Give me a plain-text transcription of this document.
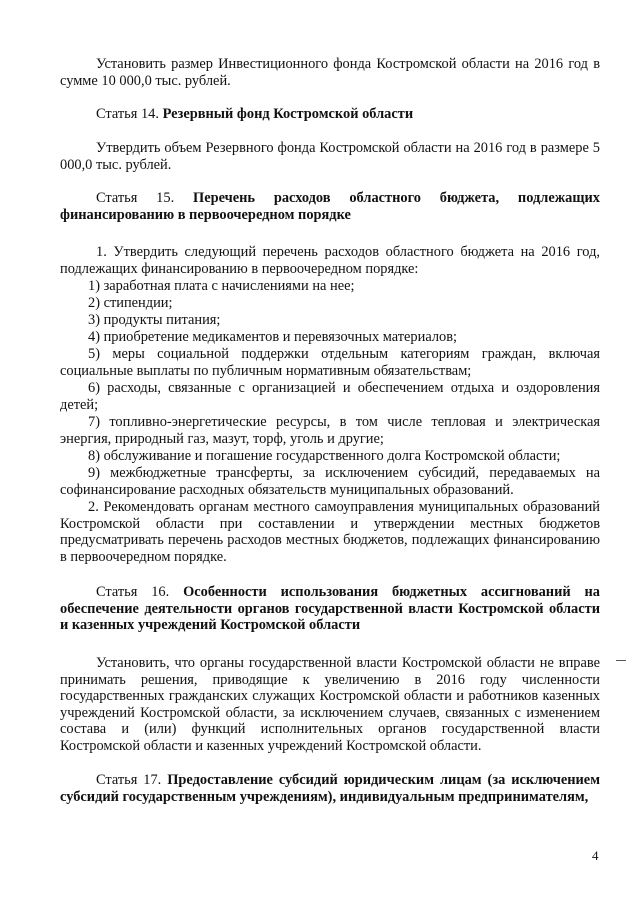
Установить размер Инвестиционного фонда Костромской области на 2016 год в сумме 10 000,0 тыс. рублей.

Статья 14. Резервный фонд Костромской области

Утвердить объем Резервного фонда Костромской области на 2016 год в размере 5 000,0 тыс. рублей.

Статья 15. Перечень расходов областного бюджета, подлежащих
финансированию в первоочередном порядке

1. Утвердить следующий перечень расходов областного бюджета на 2016 год, подлежащих финансированию в первоочередном порядке:

1) заработная плата с начислениями на нее;

2) стипендии;

3) продукты питания;

4) приобретение медикаментов и перевязочных материалов;

5) меры социальной поддержки отдельным категориям граждан, включая социальные выплаты по публичным нормативным обязательствам;

6) расходы, связанные с организацией и обеспечением отдыха и оздоровления детей;

7) топливно-энергетические ресурсы, в том числе тепловая и электрическая энергия, природный газ, мазут, торф, уголь и другие;

8) обслуживание и погашение государственного долга Костромской области;

9) межбюджетные трансферты, за исключением субсидий, передаваемых на софинансирование расходных обязательств муниципальных образований.

2. Рекомендовать органам местного самоуправления муниципальных образований Костромской области при составлении и утверждении местных бюджетов предусматривать перечень расходов местных бюджетов, подлежащих финансированию в первоочередном порядке.

Статья 16. Особенности использования бюджетных ассигнований на обеспечение деятельности органов государственной власти Костромской области и казенных учреждений Костромской области

Установить, что органы государственной власти Костромской области не вправе принимать решения, приводящие к увеличению в 2016 году численности государственных гражданских служащих Костромской области и работников казенных учреждений Костромской области, за исключением случаев, связанных с изменением состава и (или) функций исполнительных органов государственной власти Костромской области и казенных учреждений Костромской области.

Статья 17. Предоставление субсидий юридическим лицам (за исключением субсидий государственным учреждениям), индивидуальным предпринимателям,

4
